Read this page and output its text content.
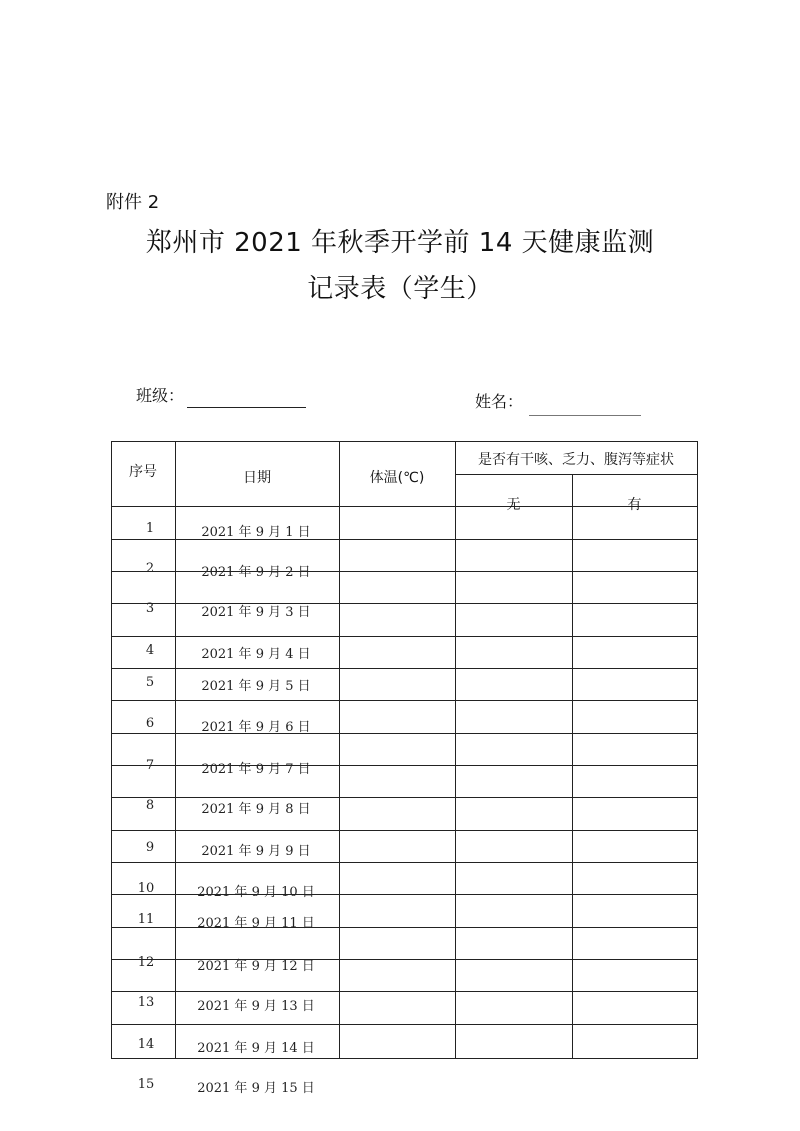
附件 2
郑州市 2021 年秋季开学前 14 天健康监测
记录表（学生）
班级：	姓名：
序号	日期	体温(℃)
是否有干咳、乏力、腹泻等症状
无	有
1	2021 年 9 月 1 日
2	2021 年 9 月 2 日
3	2021 年 9 月 3 日
4	2021 年 9 月 4 日
5	2021 年 9 月 5 日
6	2021 年 9 月 6 日
7	2021 年 9 月 7 日
8	2021 年 9 月 8 日
9	2021 年 9 月 9 日
10	2021 年 9 月 10 日
11	2021 年 9 月 11 日
12	2021 年 9 月 12 日
13	2021 年 9 月 13 日
14	2021 年 9 月 14 日
15	2021 年 9 月 15 日
